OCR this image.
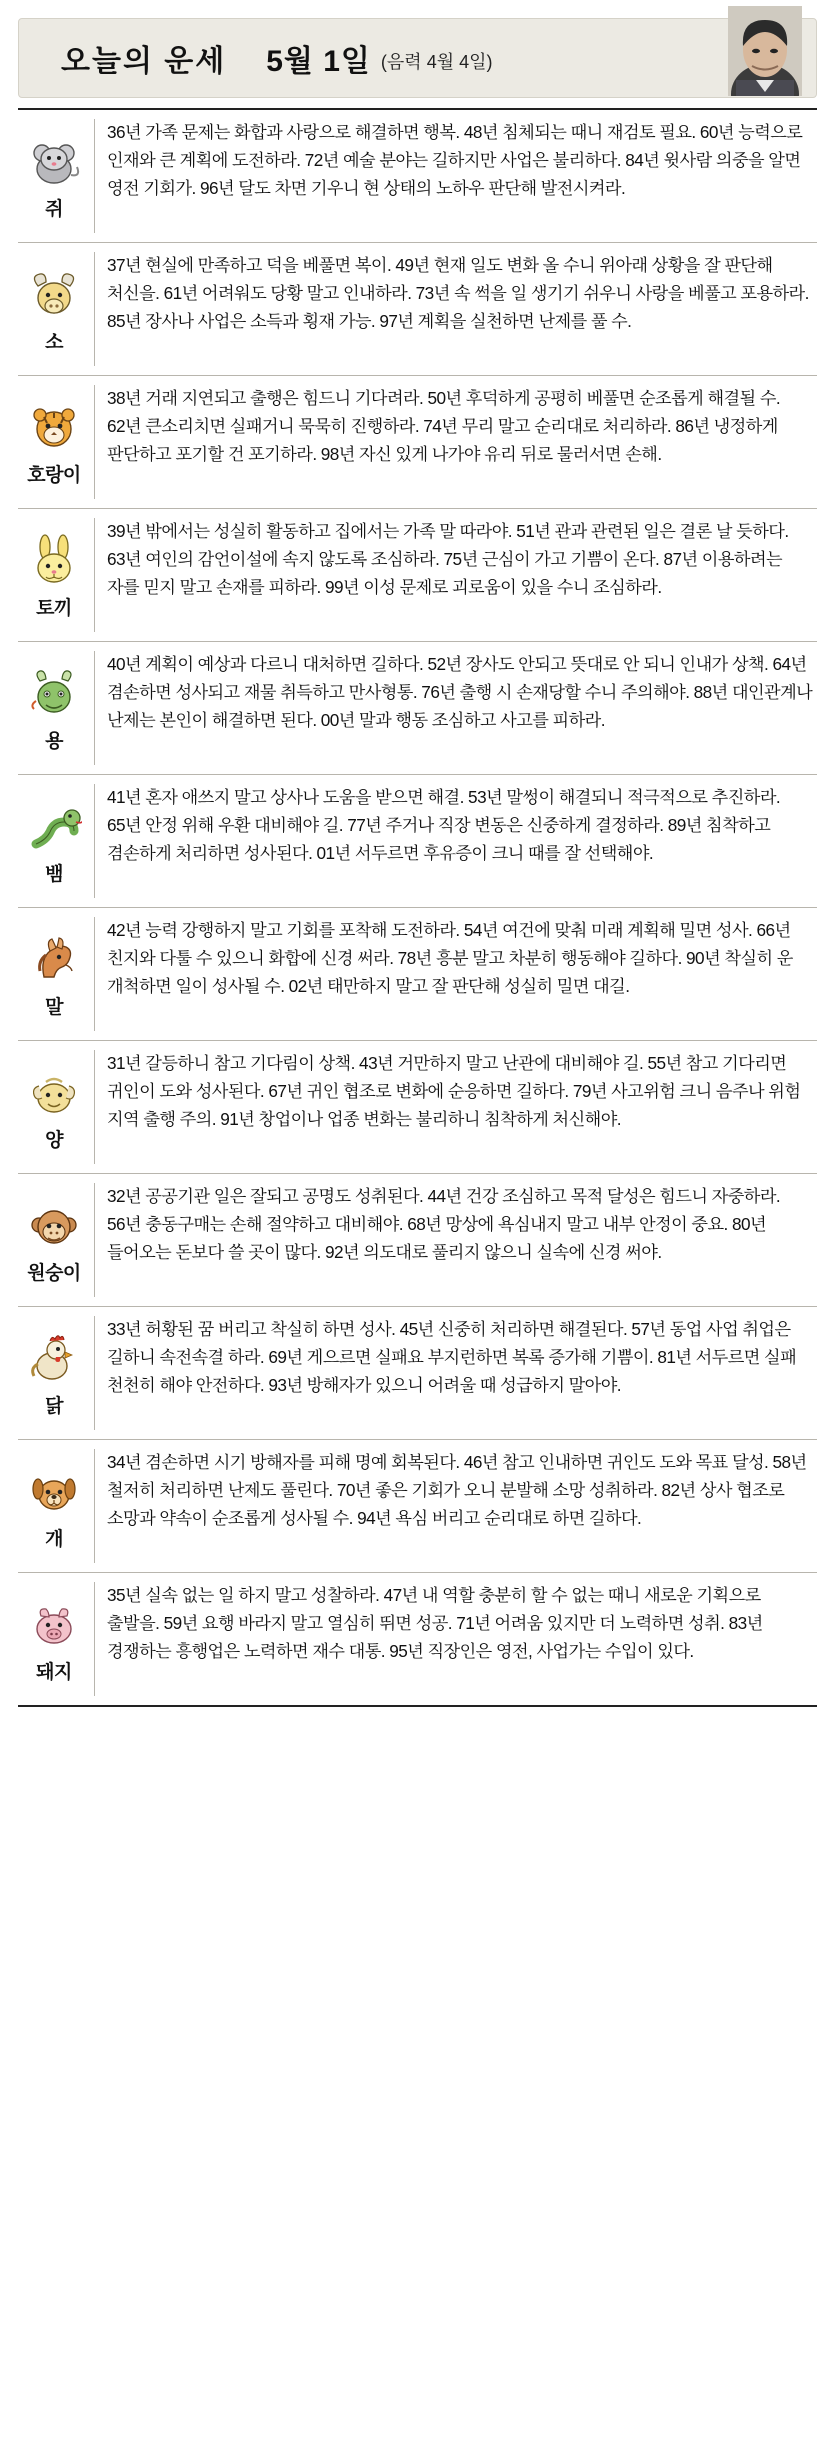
오늘의 운세 5월 1일 (음력 4월 4일)
쥐
36년 가족 문제는 화합과 사랑으로 해결하면 행복. 48년 침체되는 때니 재검토 필요. 60년 능력으로 인재와 큰 계획에 도전하라. 72년 예술 분야는 길하지만 사업은 불리하다. 84년 윗사람 의중을 알면 영전 기회가. 96년 달도 차면 기우니 현 상태의 노하우 판단해 발전시켜라.
소
37년 현실에 만족하고 덕을 베풀면 복이. 49년 현재 일도 변화 올 수니 위아래 상황을 잘 판단해 처신을. 61년 어려워도 당황 말고 인내하라. 73년 속 썩을 일 생기기 쉬우니 사랑을 베풀고 포용하라. 85년 장사나 사업은 소득과 횡재 가능. 97년 계획을 실천하면 난제를 풀 수.
호랑이
38년 거래 지연되고 출행은 힘드니 기다려라. 50년 후덕하게 공평히 베풀면 순조롭게 해결될 수. 62년 큰소리치면 실패거니 묵묵히 진행하라. 74년 무리 말고 순리대로 처리하라. 86년 냉정하게 판단하고 포기할 건 포기하라. 98년 자신 있게 나가야 유리 뒤로 물러서면 손해.
토끼
39년 밖에서는 성실히 활동하고 집에서는 가족 말 따라야. 51년 관과 관련된 일은 결론 날 듯하다. 63년 여인의 감언이설에 속지 않도록 조심하라. 75년 근심이 가고 기쁨이 온다. 87년 이용하려는 자를 믿지 말고 손재를 피하라. 99년 이성 문제로 괴로움이 있을 수니 조심하라.
용
40년 계획이 예상과 다르니 대처하면 길하다. 52년 장사도 안되고 뜻대로 안 되니 인내가 상책. 64년 겸손하면 성사되고 재물 취득하고 만사형통. 76년 출행 시 손재당할 수니 주의해야. 88년 대인관계나 난제는 본인이 해결하면 된다. 00년 말과 행동 조심하고 사고를 피하라.
뱀
41년 혼자 애쓰지 말고 상사나 도움을 받으면 해결. 53년 말썽이 해결되니 적극적으로 추진하라. 65년 안정 위해 우환 대비해야 길. 77년 주거나 직장 변동은 신중하게 결정하라. 89년 침착하고 겸손하게 처리하면 성사된다. 01년 서두르면 후유증이 크니 때를 잘 선택해야.
말
42년 능력 강행하지 말고 기회를 포착해 도전하라. 54년 여건에 맞춰 미래 계획해 밀면 성사. 66년 친지와 다툴 수 있으니 화합에 신경 써라. 78년 흥분 말고 차분히 행동해야 길하다. 90년 착실히 운 개척하면 일이 성사될 수. 02년 태만하지 말고 잘 판단해 성실히 밀면 대길.
양
31년 갈등하니 참고 기다림이 상책. 43년 거만하지 말고 난관에 대비해야 길. 55년 참고 기다리면 귀인이 도와 성사된다. 67년 귀인 협조로 변화에 순응하면 길하다. 79년 사고위험 크니 음주나 위험 지역 출행 주의. 91년 창업이나 업종 변화는 불리하니 침착하게 처신해야.
원숭이
32년 공공기관 일은 잘되고 공명도 성취된다. 44년 건강 조심하고 목적 달성은 힘드니 자중하라. 56년 충동구매는 손해 절약하고 대비해야. 68년 망상에 욕심내지 말고 내부 안정이 중요. 80년 들어오는 돈보다 쓸 곳이 많다. 92년 의도대로 풀리지 않으니 실속에 신경 써야.
닭
33년 허황된 꿈 버리고 착실히 하면 성사. 45년 신중히 처리하면 해결된다. 57년 동업 사업 취업은 길하니 속전속결 하라. 69년 게으르면 실패요 부지런하면 복록 증가해 기쁨이. 81년 서두르면 실패 천천히 해야 안전하다. 93년 방해자가 있으니 어려울 때 성급하지 말아야.
개
34년 겸손하면 시기 방해자를 피해 명예 회복된다. 46년 참고 인내하면 귀인도 도와 목표 달성. 58년 철저히 처리하면 난제도 풀린다. 70년 좋은 기회가 오니 분발해 소망 성취하라. 82년 상사 협조로 소망과 약속이 순조롭게 성사될 수. 94년 욕심 버리고 순리대로 하면 길하다.
돼지
35년 실속 없는 일 하지 말고 성찰하라. 47년 내 역할 충분히 할 수 없는 때니 새로운 기획으로 출발을. 59년 요행 바라지 말고 열심히 뛰면 성공. 71년 어려움 있지만 더 노력하면 성취. 83년 경쟁하는 흥행업은 노력하면 재수 대통. 95년 직장인은 영전, 사업가는 수입이 있다.
